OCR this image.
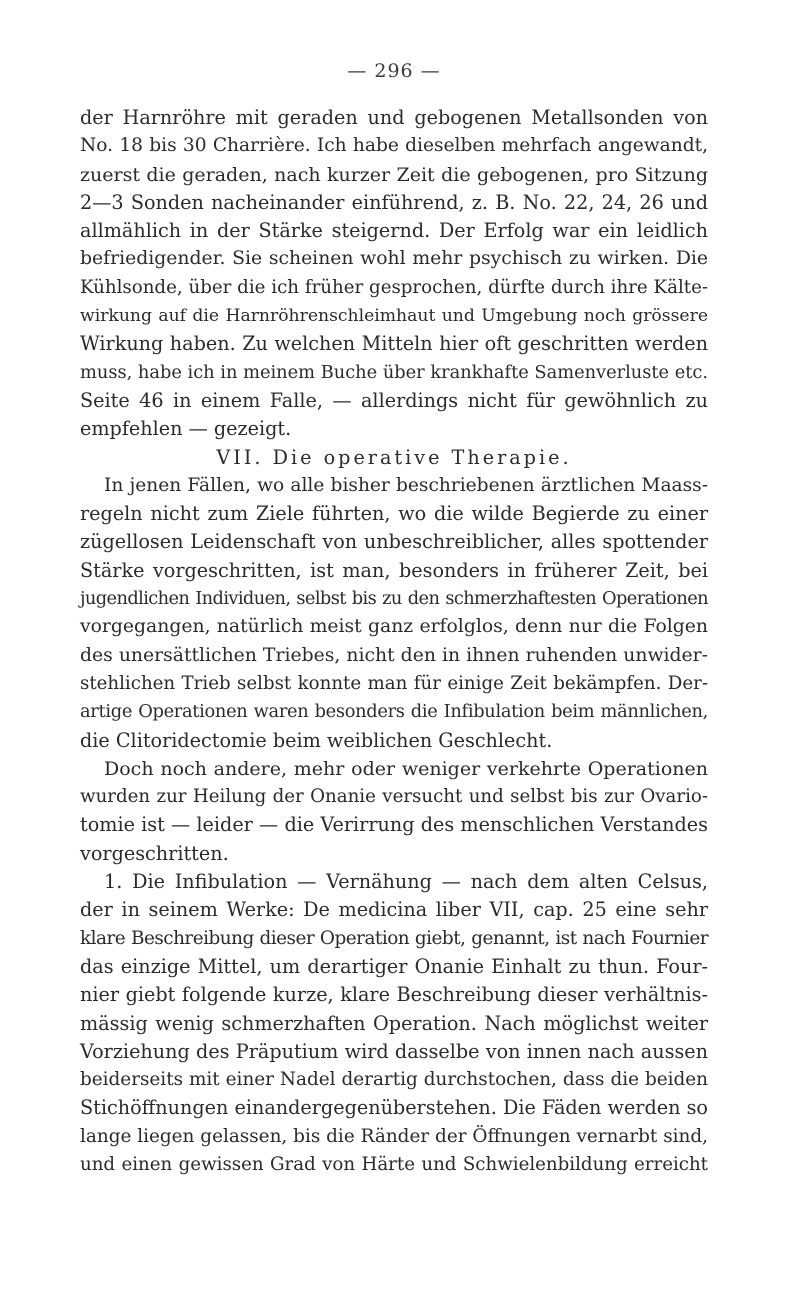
— 296 —
der Harnröhre mit geraden und gebogenen Metallsonden von
No. 18 bis 30 Charrière. Ich habe dieselben mehrfach angewandt,
zuerst die geraden, nach kurzer Zeit die gebogenen, pro Sitzung
2—3 Sonden nacheinander einführend, z. B. No. 22, 24, 26 und
allmählich in der Stärke steigernd. Der Erfolg war ein leidlich
befriedigender. Sie scheinen wohl mehr psychisch zu wirken. Die
Kühlsonde, über die ich früher gesprochen, dürfte durch ihre Kälte-
wirkung auf die Harnröhrenschleimhaut und Umgebung noch grössere
Wirkung haben. Zu welchen Mitteln hier oft geschritten werden
muss, habe ich in meinem Buche über krankhafte Samenverluste etc.
Seite 46 in einem Falle, — allerdings nicht für gewöhnlich zu
empfehlen — gezeigt.
VII. Die operative Therapie.
In jenen Fällen, wo alle bisher beschriebenen ärztlichen Maass-
regeln nicht zum Ziele führten, wo die wilde Begierde zu einer
zügellosen Leidenschaft von unbeschreiblicher, alles spottender
Stärke vorgeschritten, ist man, besonders in früherer Zeit, bei
jugendlichen Individuen, selbst bis zu den schmerzhaftesten Operationen
vorgegangen, natürlich meist ganz erfolglos, denn nur die Folgen
des unersättlichen Triebes, nicht den in ihnen ruhenden unwider-
stehlichen Trieb selbst konnte man für einige Zeit bekämpfen. Der-
artige Operationen waren besonders die Infibulation beim männlichen,
die Clitoridectomie beim weiblichen Geschlecht.
Doch noch andere, mehr oder weniger verkehrte Operationen
wurden zur Heilung der Onanie versucht und selbst bis zur Ovario-
tomie ist — leider — die Verirrung des menschlichen Verstandes
vorgeschritten.
1. Die Infibulation — Vernähung — nach dem alten Celsus,
der in seinem Werke: De medicina liber VII, cap. 25 eine sehr
klare Beschreibung dieser Operation giebt, genannt, ist nach Fournier
das einzige Mittel, um derartiger Onanie Einhalt zu thun. Four-
nier giebt folgende kurze, klare Beschreibung dieser verhältnis-
mässig wenig schmerzhaften Operation. Nach möglichst weiter
Vorziehung des Präputium wird dasselbe von innen nach aussen
beiderseits mit einer Nadel derartig durchstochen, dass die beiden
Stichöffnungen einandergegenüberstehen. Die Fäden werden so
lange liegen gelassen, bis die Ränder der Öffnungen vernarbt sind,
und einen gewissen Grad von Härte und Schwielenbildung erreicht
